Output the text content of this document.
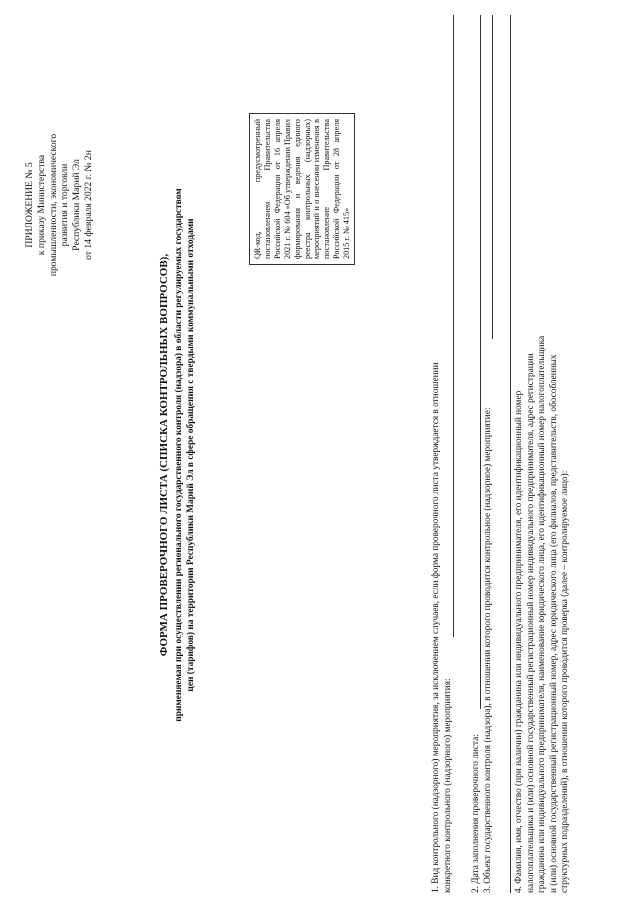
ПРИЛОЖЕНИЕ № 5 к приказу Министерства промышленности, экономического развития и торговли Республики Марий Эл от 14 февраля 2022 г. № 2н
ФОРМА ПРОВЕРОЧНОГО ЛИСТА (СПИСКА КОНТРОЛЬНЫХ ВОПРОСОВ), применяемая при осуществлении регионального государственного контроля (надзора) в области регулируемых государством цен (тарифов) на территории Республики Марий Эл в сфере обращения с твердыми коммунальными отходами
QR-код, предусмотренный постановлением Правительства Российской Федерации от 16 апреля 2021 г. № 604 «Об утверждении Правил формирования и ведения единого реестра контрольных (надзорных) мероприятий и о внесении изменения в постановление Правительства Российской Федерации от 28 апреля 2015 г. № 415»
1. Вид контрольного (надзорного) мероприятия, за исключением случаев, если форма проверочного листа утверждается в отношении конкретного контрольного (надзорного) мероприятия: 2. Дата заполнения проверочного листа: 3. Объект государственного контроля (надзора), в отношении которого проводится контрольное (надзорное) мероприятие: 4. Фамилия, имя, отчество (при наличии) гражданина или индивидуального предпринимателя, его идентификационный номер налогоплательщика и (или) основной государственный регистрационный номер индивидуального предпринимателя, адрес регистрации гражданина или индивидуального предпринимателя, наименование юридического лица, его идентификационный номер налогоплательщика и (или) основной государственный регистрационный номер, адрес юридического лица (его филиалов, представительств, обособленных структурных подразделений), в отношении которого проводится проверка (далее – контролируемое лицо):
